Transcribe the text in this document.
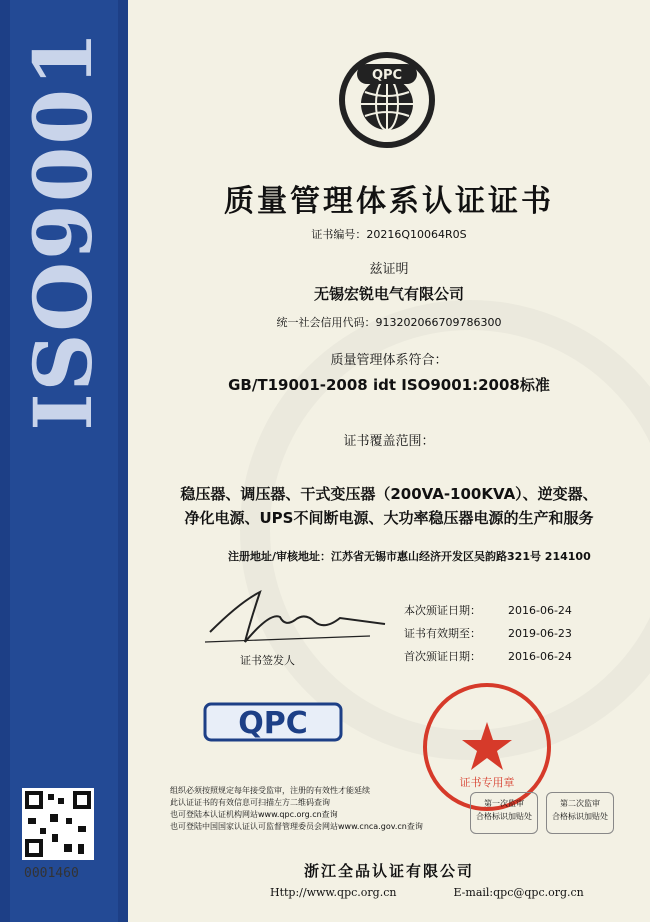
ISO9001	QPC
质量管理体系认证证书
证书编号：20216Q10064R0S
兹证明
无锡宏锐电气有限公司
统一社会信用代码：913202066709786300
质量管理体系符合：
GB/T19001-2008 idt ISO9001:2008标准
证书覆盖范围：
稳压器、调压器、干式变压器（200VA-100KVA）、逆变器、
净化电源、UPS不间断电源、大功率稳压器电源的生产和服务
注册地址/审核地址：江苏省无锡市惠山经济开发区吴韵路321号 214100
证书签发人
本次颁证日期： 2016-06-24
证书有效期至： 2019-06-23
首次颁证日期： 2016-06-24
QPC
证书专用章
0001460
组织必须按照规定每年接受监审，注册的有效性才能延续
此认证证书的有效信息可扫描左方二维码查询
也可登陆本认证机构网站www.qpc.org.cn查询
也可登陆中国国家认证认可监督管理委员会网站www.cnca.gov.cn查询
第一次监审
合格标识加贴处
第二次监审
合格标识加贴处
浙江全品认证有限公司
Http://www.qpc.org.cn	E-mail:qpc@qpc.org.cn
